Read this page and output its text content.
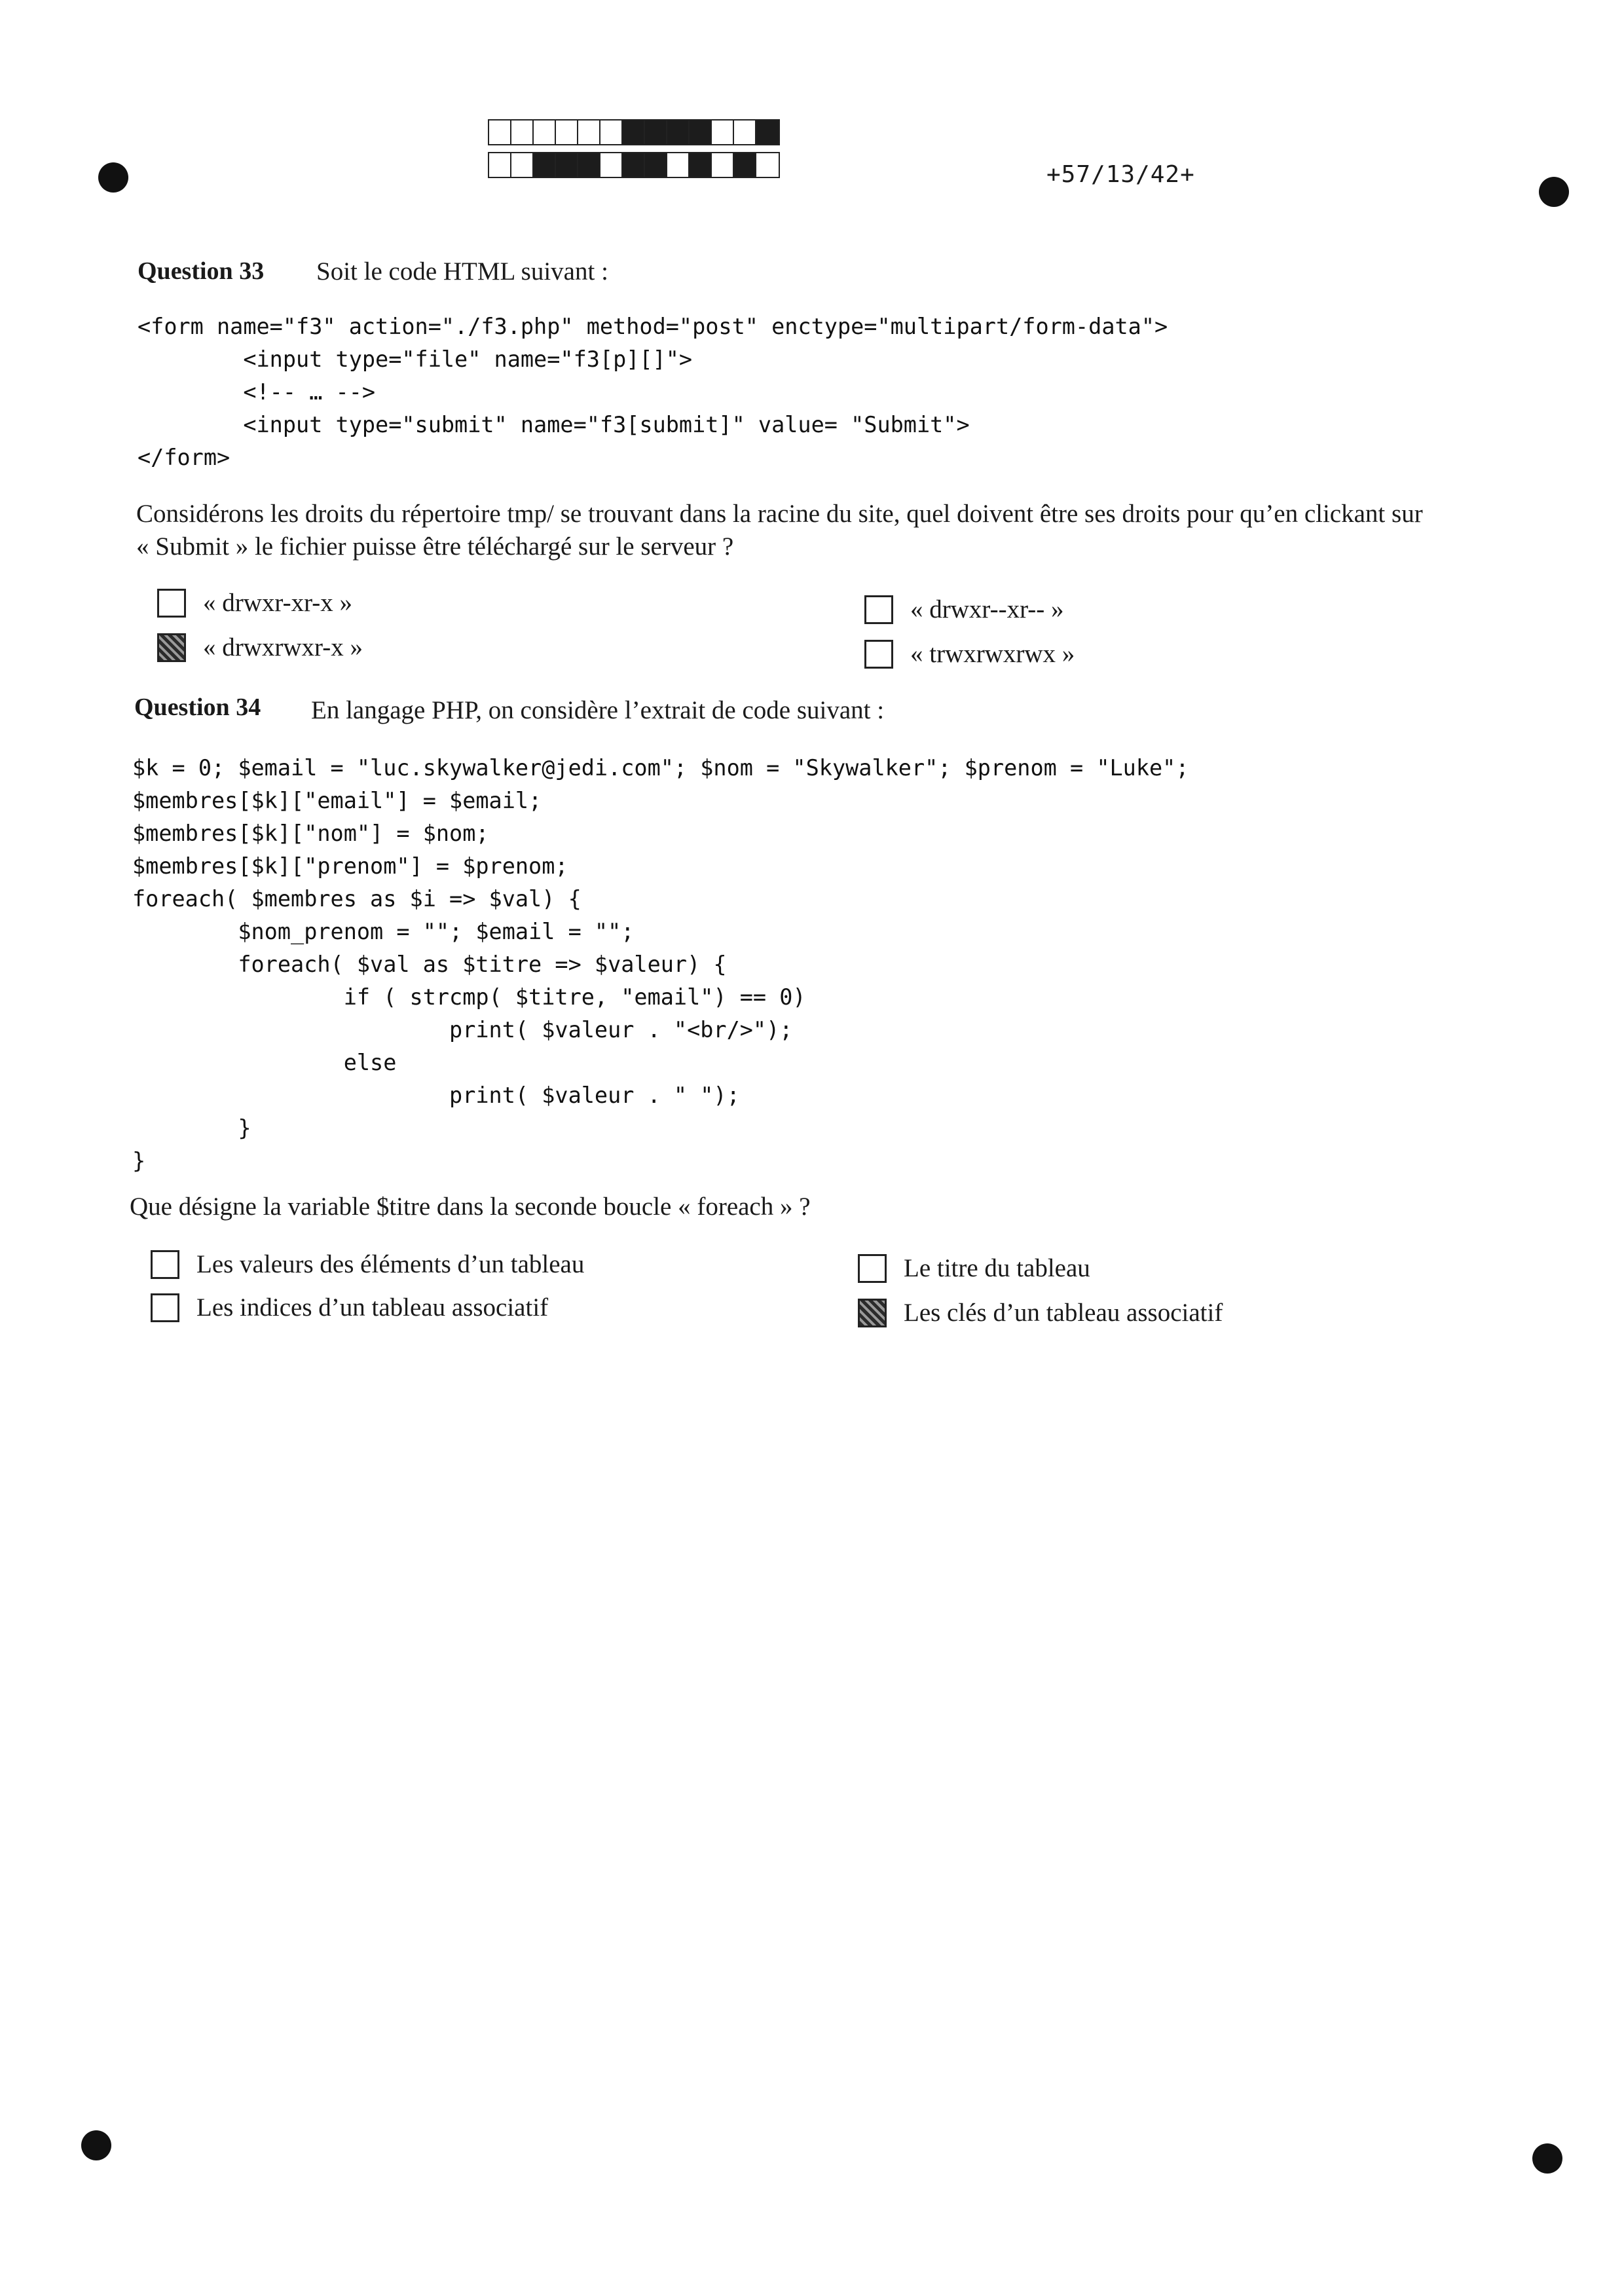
+57/13/42+
Question 33 Soit le code HTML suivant :
<form name="f3" action="./f3.php" method="post" enctype="multipart/form-data">
<input type="file" name="f3[p][]">
<!-- … -->
<input type="submit" name="f3[submit]" value= "Submit">
</form>
Considérons les droits du répertoire tmp/ se trouvant dans la racine du site, quel doivent être ses droits pour qu’en clickant sur
« Submit » le fichier puisse être téléchargé sur le serveur ?
« drwxr-xr-x »
« drwxrwxr-x »
« drwxr--xr-- »
« trwxrwxrwx »
Question 34 En langage PHP, on considère l’extrait de code suivant :
$k = 0; $email = "luc.skywalker@jedi.com"; $nom = "Skywalker"; $prenom = "Luke";
$membres[$k]["email"] = $email;
$membres[$k]["nom"] = $nom;
$membres[$k]["prenom"] = $prenom;
foreach( $membres as $i => $val) {
$nom_prenom = ""; $email = "";
foreach( $val as $titre => $valeur) {
if ( strcmp( $titre, "email") == 0)
print( $valeur . "<br/>");
else
print( $valeur . " ");
}
}
Que désigne la variable $titre dans la seconde boucle « foreach » ?
Les valeurs des éléments d’un tableau
Les indices d’un tableau associatif
Le titre du tableau
Les clés d’un tableau associatif
